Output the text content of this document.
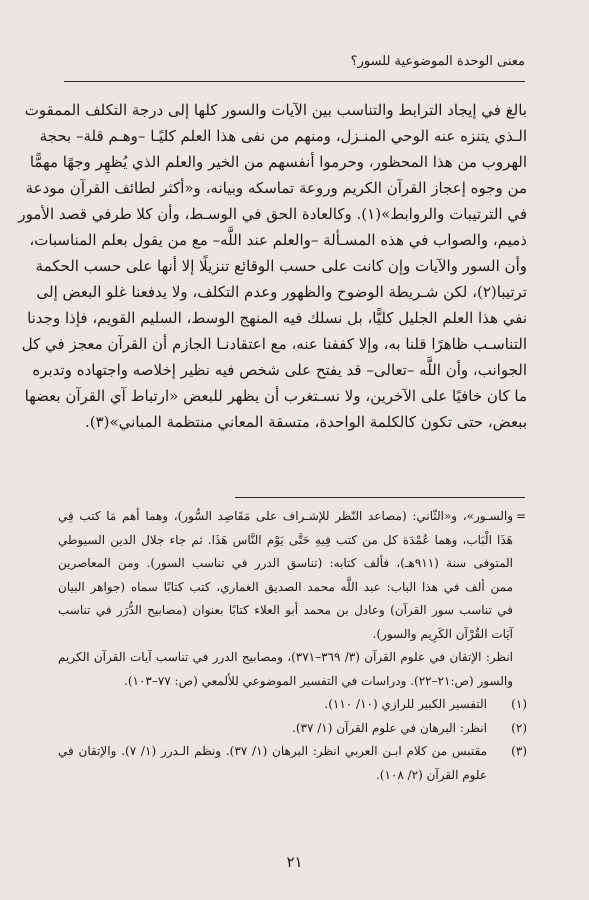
معنى الوحدة الموضوعية للسور؟
بالغ في إيجاد الترابط والتناسب بين الآيات والسور كلها إلى درجة التكلف الممقوت
الـذي يتنزه عنه الوحي المنـزل، ومنهم من نفى هذا العلم كليًـا –وهـم قلة– بحجة
الهروب من هذا المحظور، وحرموا أنفسهم من الخير والعلم الذي يُظهِر وجهًا مهمًّا
من وجوه إعجاز القرآن الكريم وروعة تماسكه وبيانه، و«أكثر لطائف القرآن مودعة
في الترتيبات والروابط»(١). وكالعادة الحق في الوسـط، وأن كلا طرفي قصد الأمور
ذميم، والصواب في هذه المسـألة –والعلم عند اللَّه– مع من يقول بعلم المناسبات،
وأن السور والآيات وإن كانت على حسب الوقائع تنزيلًا إلا أنها على حسب الحكمة
ترتيبا(٢)، لكن شـريطة الوضوح والظهور وعدم التكلف، ولا يدفعنا غلو البعض إلى
نفي هذا العلم الجليل كليًّا، بل نسلك فيه المنهج الوسط، السليم القويم، فإذا وجدنا
التناسـب ظاهرًا قلنا به، وإلا كففنا عنه، مع اعتقادنـا الجازم أن القرآن معجز في كل
الجوانب، وأن اللَّه –تعالى– قد يفتح على شخص فيه نظير إخلاصه واجتهاده وتدبره
ما كان خافيًا على الآخرين، ولا نسـتغرب أن يظهر للبعض «ارتباط آي القرآن بعضها
ببعض، حتى تكون كالكلمة الواحدة، متسقة المعاني منتظمة المباني»(٣).
=
والسـور»، و«الثّاني: (مصاعد النّظر للإشـراف على مَقَاصِد السُّور)، وهما أهم مَا كتب فِي
هَذَا الْبَاب، وهما عُمْدَة كل من كتب فِيهِ حَتَّى يَوْم النَّاس هَذَا. ثم جاء جلال الدين السيوطي
المتوفى سنة (٩١١هـ)، فألف كتابه: (تناسق الدرر في تناسب السور). ومن المعاصرين
ممن ألف في هذا الباب: عبد اللَّه محمد الصديق الغماري، كتب كتابًا سماه (جواهر البيان
في تناسب سور القرآن) وعادل بن محمد أبو العلاء كتابًا بعنوان (مصابيح الدُّرَر في تناسب
آيَات القُرْآن الكَرِيم والسور).
انظر: الإتقان في علوم القرآن (٣/ ٣٦٩–٣٧١)، ومصابيح الدرر في تناسب آيات القرآن الكريم
والسور (ص:٢١–٢٢). ودراسات في التفسير الموضوعي للألمعي (ص: ٧٧–١٠٣).
(١)
التفسير الكبير للرازي (١٠/ ١١٠).
(٢)
انظر: البرهان في علوم القرآن (١/ ٣٧).
(٣)
مقتبس من كلام ابـن العربي انظر: البرهان (١/ ٣٧). ونظم الـدرر (١/ ٧). والإتقان في
علوم القرآن (٢/ ١٠٨).
٢١
